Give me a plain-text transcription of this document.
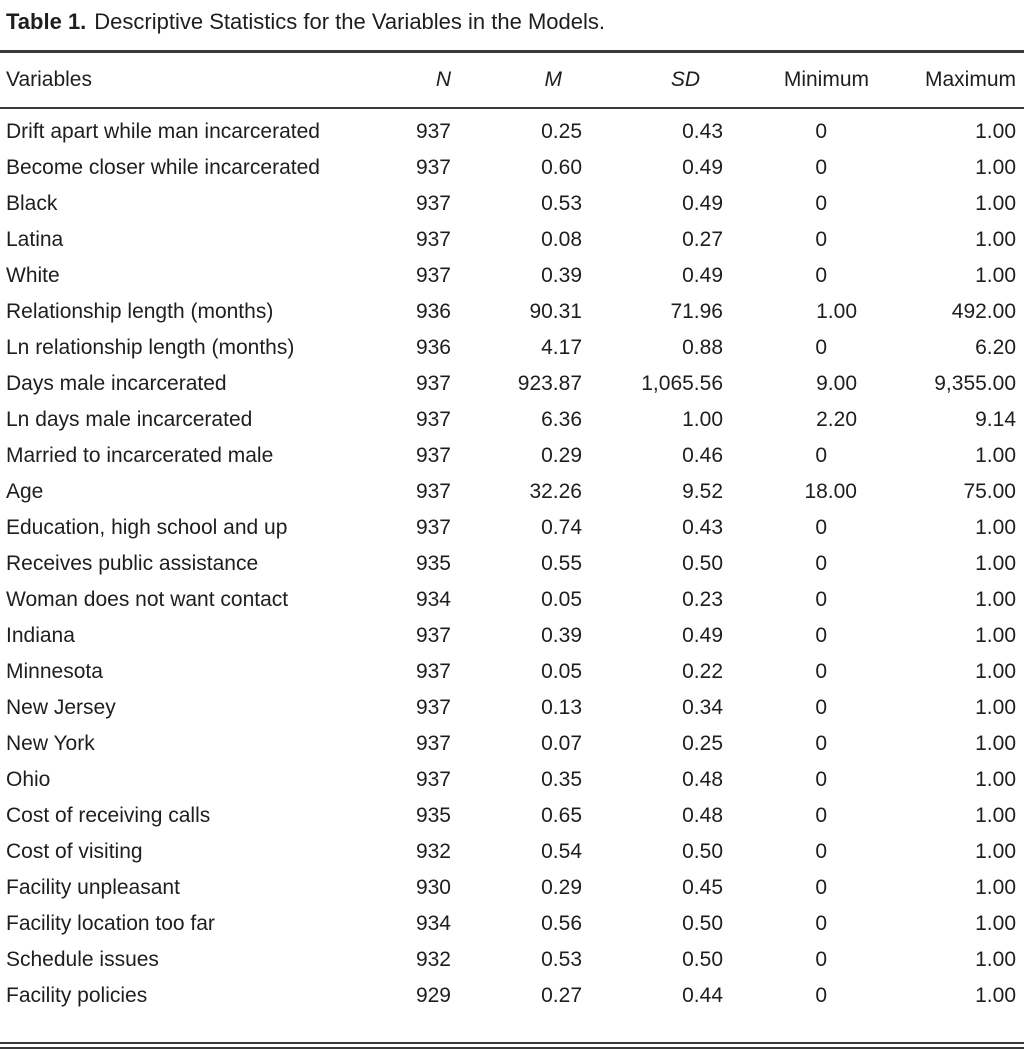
Table 1. Descriptive Statistics for the Variables in the Models.
Variables	N	M	SD	Minimum	Maximum
Drift apart while man incarcerated	937	0.25	0.43	0	1.00
Become closer while incarcerated	937	0.60	0.49	0	1.00
Black	937	0.53	0.49	0	1.00
Latina	937	0.08	0.27	0	1.00
White	937	0.39	0.49	0	1.00
Relationship length (months)	936	90.31	71.96	1.00	492.00
Ln relationship length (months)	936	4.17	0.88	0	6.20
Days male incarcerated	937	923.87	1,065.56	9.00	9,355.00
Ln days male incarcerated	937	6.36	1.00	2.20	9.14
Married to incarcerated male	937	0.29	0.46	0	1.00
Age	937	32.26	9.52	18.00	75.00
Education, high school and up	937	0.74	0.43	0	1.00
Receives public assistance	935	0.55	0.50	0	1.00
Woman does not want contact	934	0.05	0.23	0	1.00
Indiana	937	0.39	0.49	0	1.00
Minnesota	937	0.05	0.22	0	1.00
New Jersey	937	0.13	0.34	0	1.00
New York	937	0.07	0.25	0	1.00
Ohio	937	0.35	0.48	0	1.00
Cost of receiving calls	935	0.65	0.48	0	1.00
Cost of visiting	932	0.54	0.50	0	1.00
Facility unpleasant	930	0.29	0.45	0	1.00
Facility location too far	934	0.56	0.50	0	1.00
Schedule issues	932	0.53	0.50	0	1.00
Facility policies	929	0.27	0.44	0	1.00
